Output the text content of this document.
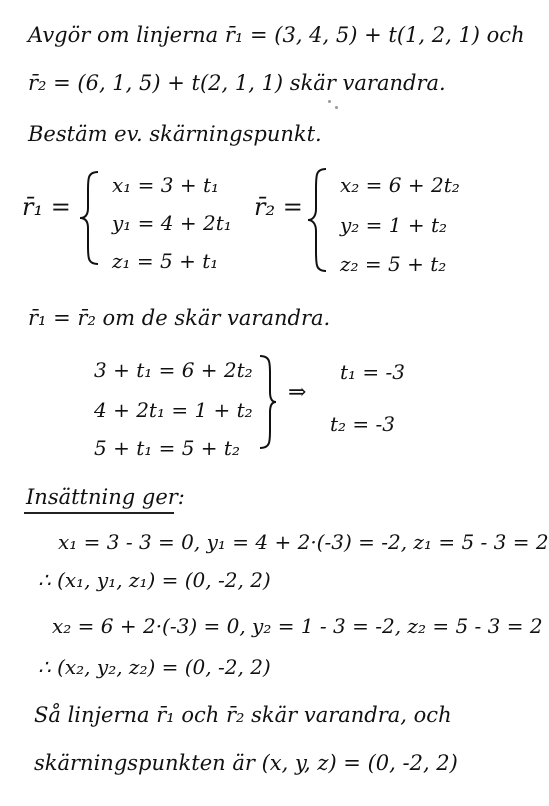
Avgör om linjerna r̄₁ = (3, 4, 5) + t(1, 2, 1) och
r̄₂ = (6, 1, 5) + t(2, 1, 1) skär varandra.
Bestäm ev. skärningspunkt.
r̄₁ =
x₁ = 3 + t₁
y₁ = 4 + 2t₁
z₁ = 5 + t₁
r̄₂ =
x₂ = 6 + 2t₂
y₂ = 1 + t₂
z₂ = 5 + t₂
r̄₁ = r̄₂ om de skär varandra.
3 + t₁ = 6 + 2t₂
4 + 2t₁ = 1 + t₂
5 + t₁ = 5 + t₂
⇒
t₁ = -3
t₂ = -3
Insättning ger:
x₁ = 3 - 3 = 0, y₁ = 4 + 2·(-3) = -2, z₁ = 5 - 3 = 2
∴ (x₁, y₁, z₁) = (0, -2, 2)
x₂ = 6 + 2·(-3) = 0, y₂ = 1 - 3 = -2, z₂ = 5 - 3 = 2
∴ (x₂, y₂, z₂) = (0, -2, 2)
Så linjerna r̄₁ och r̄₂ skär varandra, och
skärningspunkten är (x, y, z) = (0, -2, 2)
